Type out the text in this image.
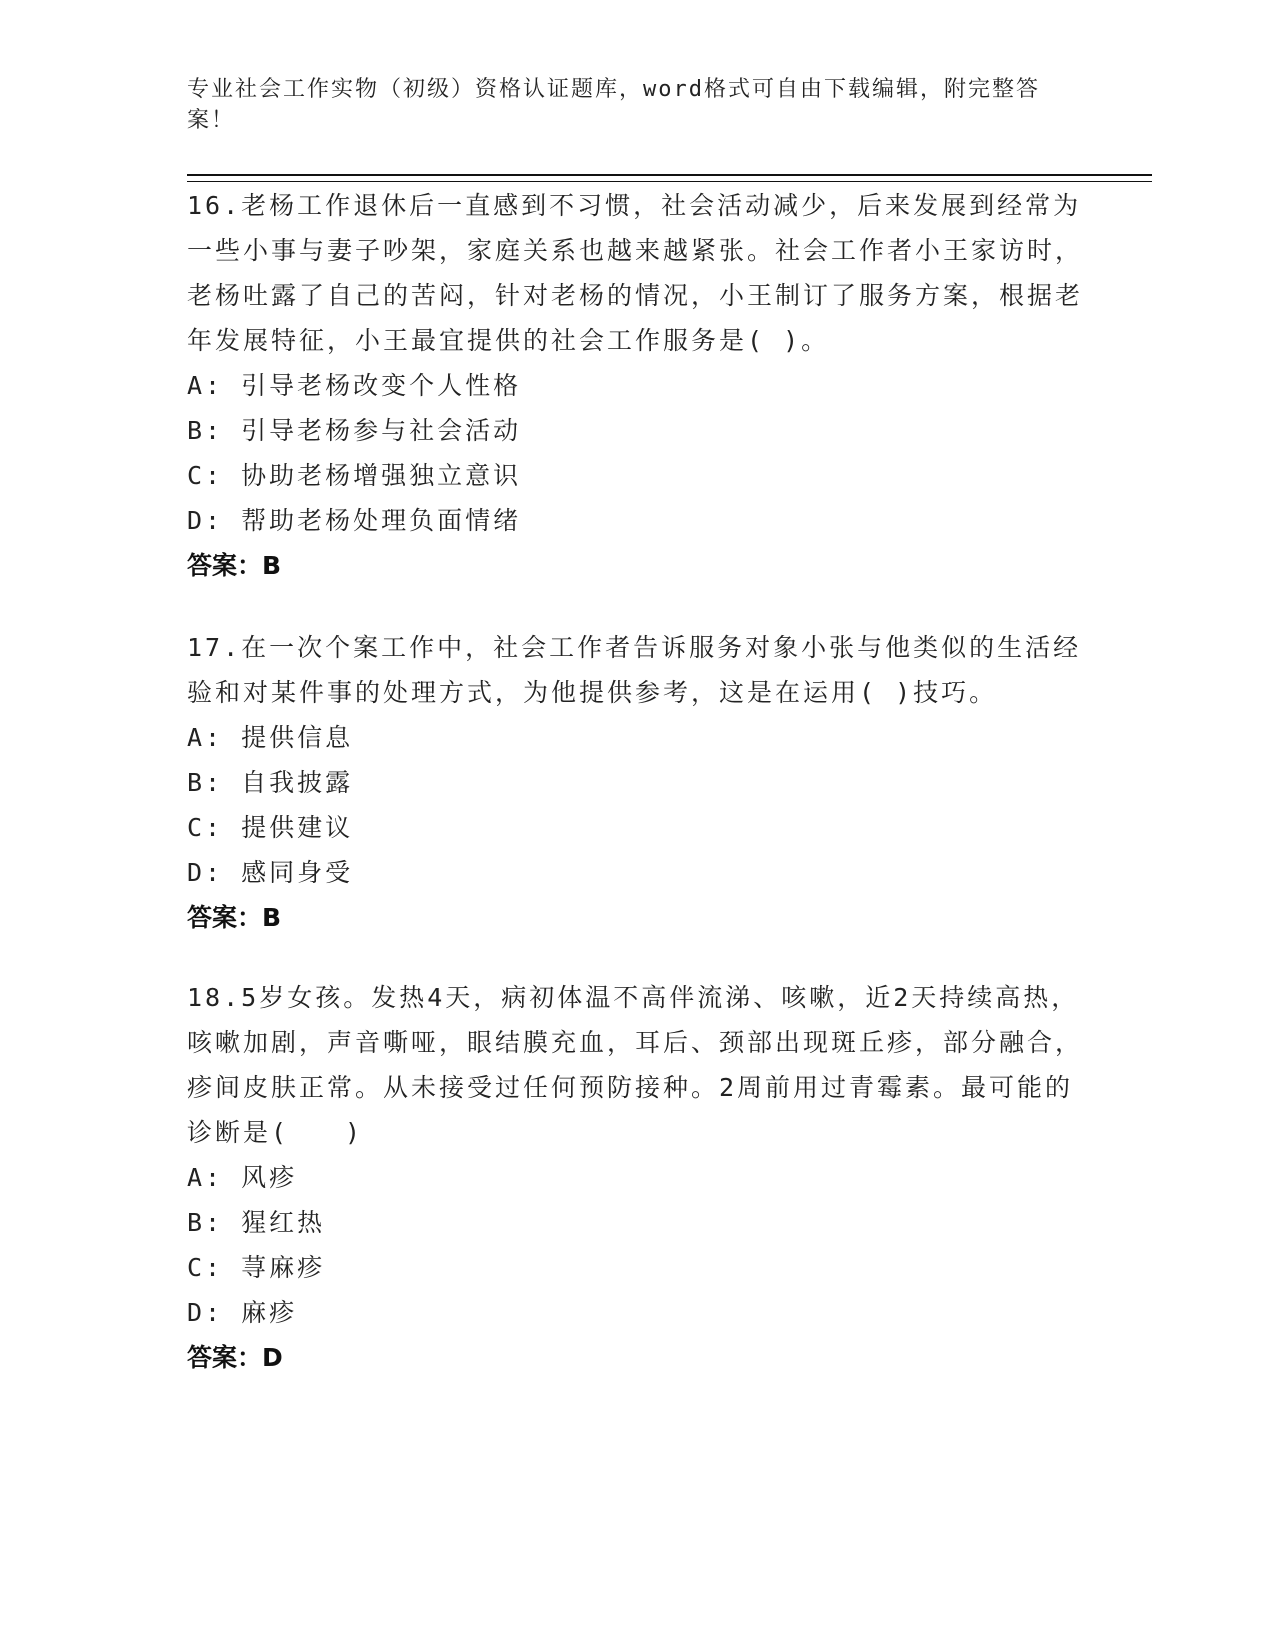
专业社会工作实物（初级）资格认证题库，word格式可自由下载编辑，附完整答案！

16.老杨工作退休后一直感到不习惯，社会活动减少，后来发展到经常为一些小事与妻子吵架，家庭关系也越来越紧张。社会工作者小王家访时，老杨吐露了自己的苦闷，针对老杨的情况，小王制订了服务方案，根据老年发展特征，小王最宜提供的社会工作服务是( )。

A: 引导老杨改变个人性格

B: 引导老杨参与社会活动

C: 协助老杨增强独立意识

D: 帮助老杨处理负面情绪

答案：B

17.在一次个案工作中，社会工作者告诉服务对象小张与他类似的生活经验和对某件事的处理方式，为他提供参考，这是在运用( )技巧。

A: 提供信息

B: 自我披露

C: 提供建议

D: 感同身受

答案：B

18.5岁女孩。发热4天，病初体温不高伴流涕、咳嗽，近2天持续高热，咳嗽加剧，声音嘶哑，眼结膜充血，耳后、颈部出现斑丘疹，部分融合，疹间皮肤正常。从未接受过任何预防接种。2周前用过青霉素。最可能的诊断是(　　)

A: 风疹

B: 猩红热

C: 荨麻疹

D: 麻疹

答案：D
